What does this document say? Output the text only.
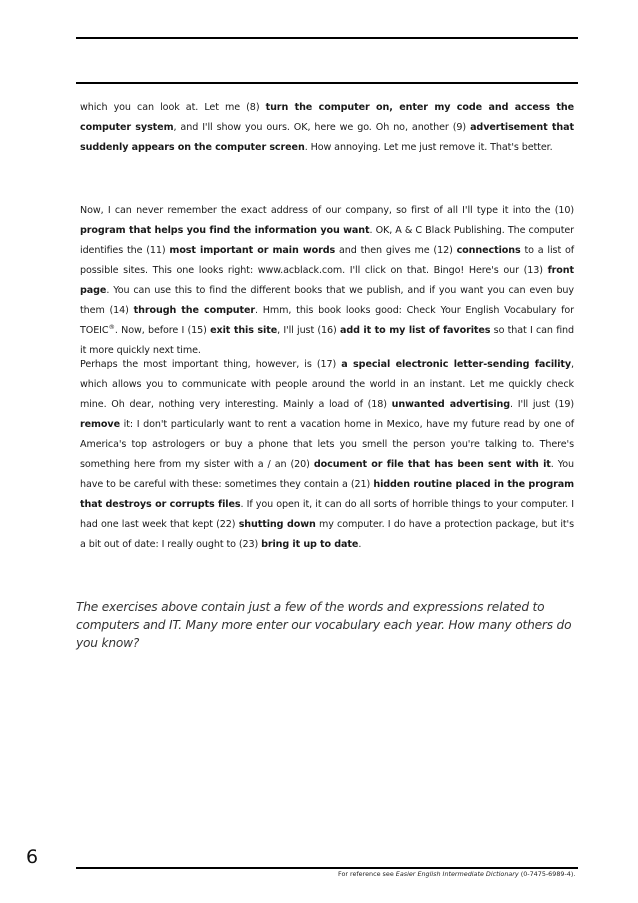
which you can look at. Let me (8) turn the computer on, enter my code and access the computer system, and I'll show you ours. OK, here we go. Oh no, another (9) advertisement that suddenly appears on the computer screen. How annoying. Let me just remove it. That's better.

Now, I can never remember the exact address of our company, so first of all I'll type it into the (10) program that helps you find the information you want. OK, A & C Black Publishing. The computer identifies the (11) most important or main words and then gives me (12) connections to a list of possible sites. This one looks right: www.acblack.com. I'll click on that. Bingo! Here's our (13) front page. You can use this to find the different books that we publish, and if you want you can even buy them (14) through the computer. Hmm, this book looks good: Check Your English Vocabulary for TOEIC®. Now, before I (15) exit this site, I'll just (16) add it to my list of favorites so that I can find it more quickly next time.

Perhaps the most important thing, however, is (17) a special electronic letter-sending facility, which allows you to communicate with people around the world in an instant. Let me quickly check mine. Oh dear, nothing very interesting. Mainly a load of (18) unwanted advertising. I'll just (19) remove it: I don't particularly want to rent a vacation home in Mexico, have my future read by one of America's top astrologers or buy a phone that lets you smell the person you're talking to. There's something here from my sister with a / an (20) document or file that has been sent with it. You have to be careful with these: sometimes they contain a (21) hidden routine placed in the program that destroys or corrupts files. If you open it, it can do all sorts of horrible things to your computer. I had one last week that kept (22) shutting down my computer. I do have a protection package, but it's a bit out of date: I really ought to (23) bring it up to date.

The exercises above contain just a few of the words and expressions related to computers and IT. Many more enter our vocabulary each year. How many others do you know?

6
For reference see Easier English Intermediate Dictionary (0-7475-6989-4).
